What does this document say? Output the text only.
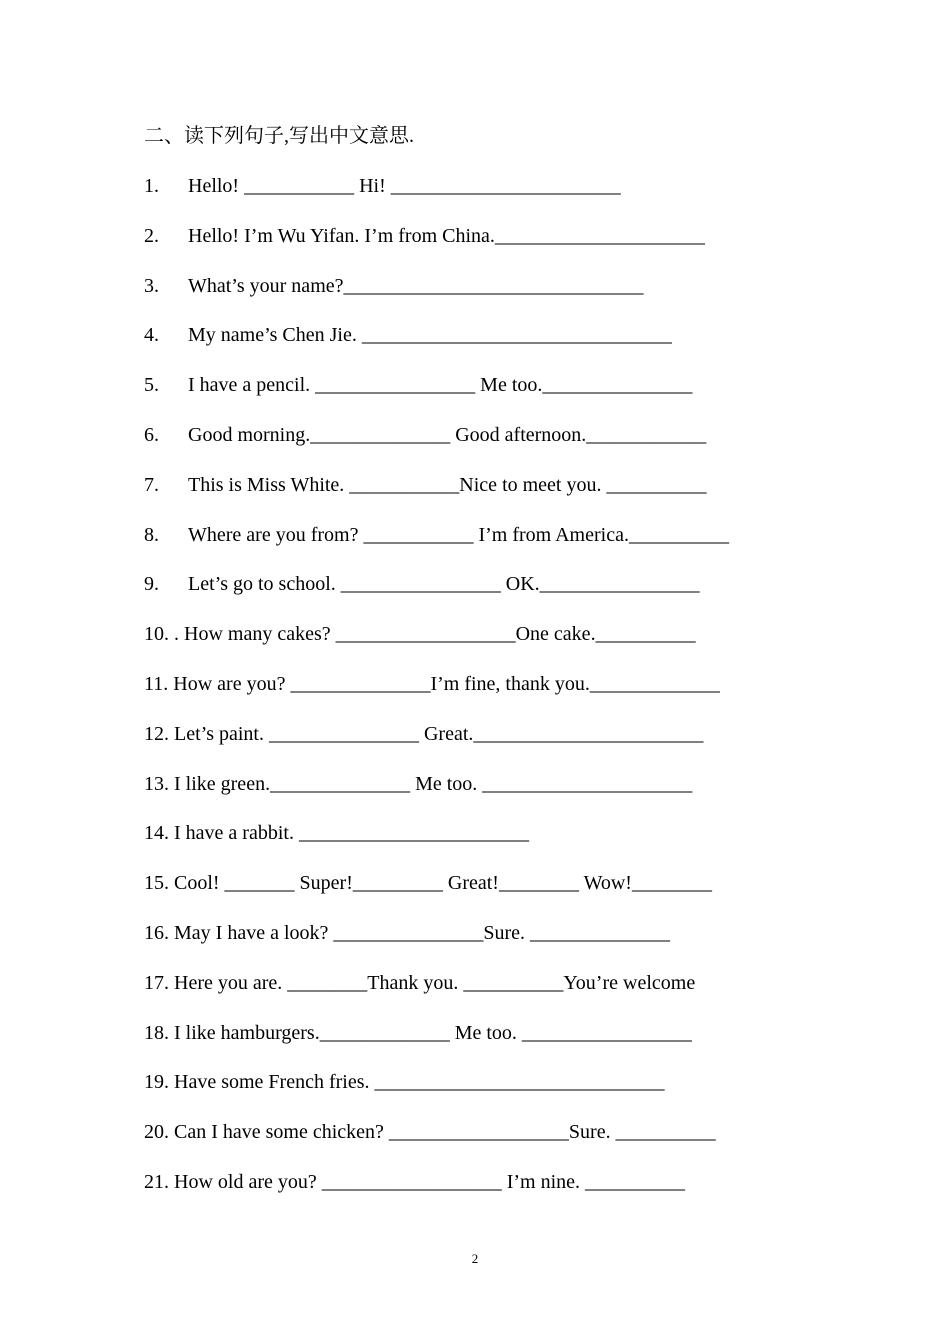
二、读下列句子,写出中文意思.
1. Hello! ___________ Hi! _______________________
2. Hello! I’m Wu Yifan. I’m from China._____________________
3. What’s your name?______________________________
4. My name’s Chen Jie. _______________________________
5. I have a pencil. ________________ Me too._______________
6. Good morning.______________ Good afternoon.____________
7. This is Miss White. ___________Nice to meet you. __________
8. Where are you from? ___________ I’m from America.__________
9. Let’s go to school. ________________ OK.________________
10. . How many cakes? __________________One cake.__________
11. How are you? ______________I’m fine, thank you._____________
12. Let’s paint. _______________ Great._______________________
13. I like green.______________ Me too. _____________________
14. I have a rabbit. _______________________
15. Cool! _______ Super!_________ Great!________ Wow!________
16. May I have a look? _______________Sure. ______________
17. Here you are. ________Thank you. __________You’re welcome
18. I like hamburgers._____________ Me too. _________________
19. Have some French fries. _____________________________
20. Can I have some chicken? __________________Sure. __________
21. How old are you? __________________ I’m nine. __________
2
